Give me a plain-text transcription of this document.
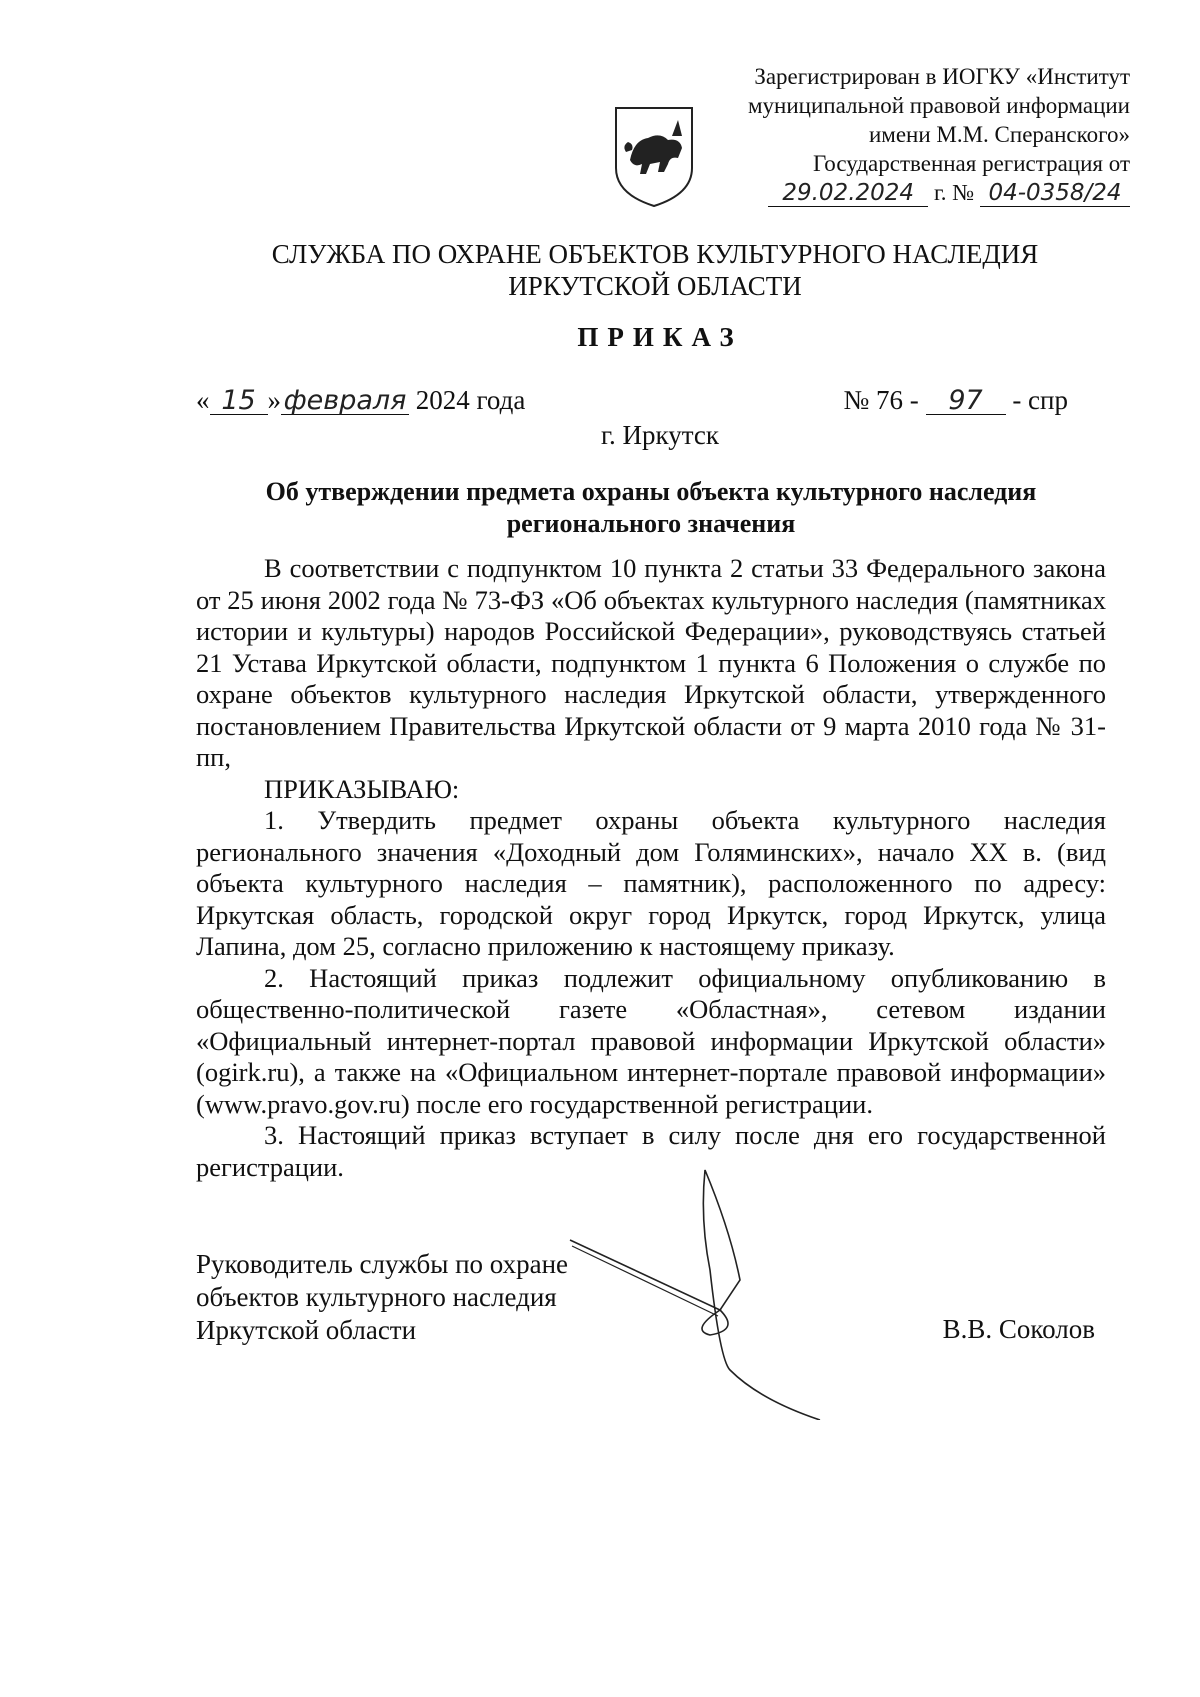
Зарегистрирован в ИОГКУ «Институт
муниципальной правовой информации
имени М.М. Сперанского»
Государственная регистрация от
29.02.2024 г. № 04-0358/24
СЛУЖБА ПО ОХРАНЕ ОБЪЕКТОВ КУЛЬТУРНОГО НАСЛЕДИЯ
ИРКУТСКОЙ ОБЛАСТИ
ПРИКАЗ
« 15 »февраля 2024 года	№ 76 - 97 - спр
г. Иркутск
Об утверждении предмета охраны объекта культурного наследия
регионального значения

В соответствии с подпунктом 10 пункта 2 статьи 33 Федерального закона от 25 июня 2002 года № 73-ФЗ «Об объектах культурного наследия (памятниках истории и культуры) народов Российской Федерации», руководствуясь статьей 21 Устава Иркутской области, подпунктом 1 пункта 6 Положения о службе по охране объектов культурного наследия Иркутской области, утвержденного постановлением Правительства Иркутской области от 9 марта 2010 года № 31-пп,

ПРИКАЗЫВАЮ:

1. Утвердить предмет охраны объекта культурного наследия регионального значения «Доходный дом Голяминских», начало XX в. (вид объекта культурного наследия – памятник), расположенного по адресу: Иркутская область, городской округ город Иркутск, город Иркутск, улица Лапина, дом 25, согласно приложению к настоящему приказу.

2. Настоящий приказ подлежит официальному опубликованию в общественно-политической газете «Областная», сетевом издании «Официальный интернет-портал правовой информации Иркутской области» (ogirk.ru), а также на «Официальном интернет-портале правовой информации» (www.pravo.gov.ru) после его государственной регистрации.

3. Настоящий приказ вступает в силу после дня его государственной регистрации.

Руководитель службы по охране
объектов культурного наследия
Иркутской области	В.В. Соколов
